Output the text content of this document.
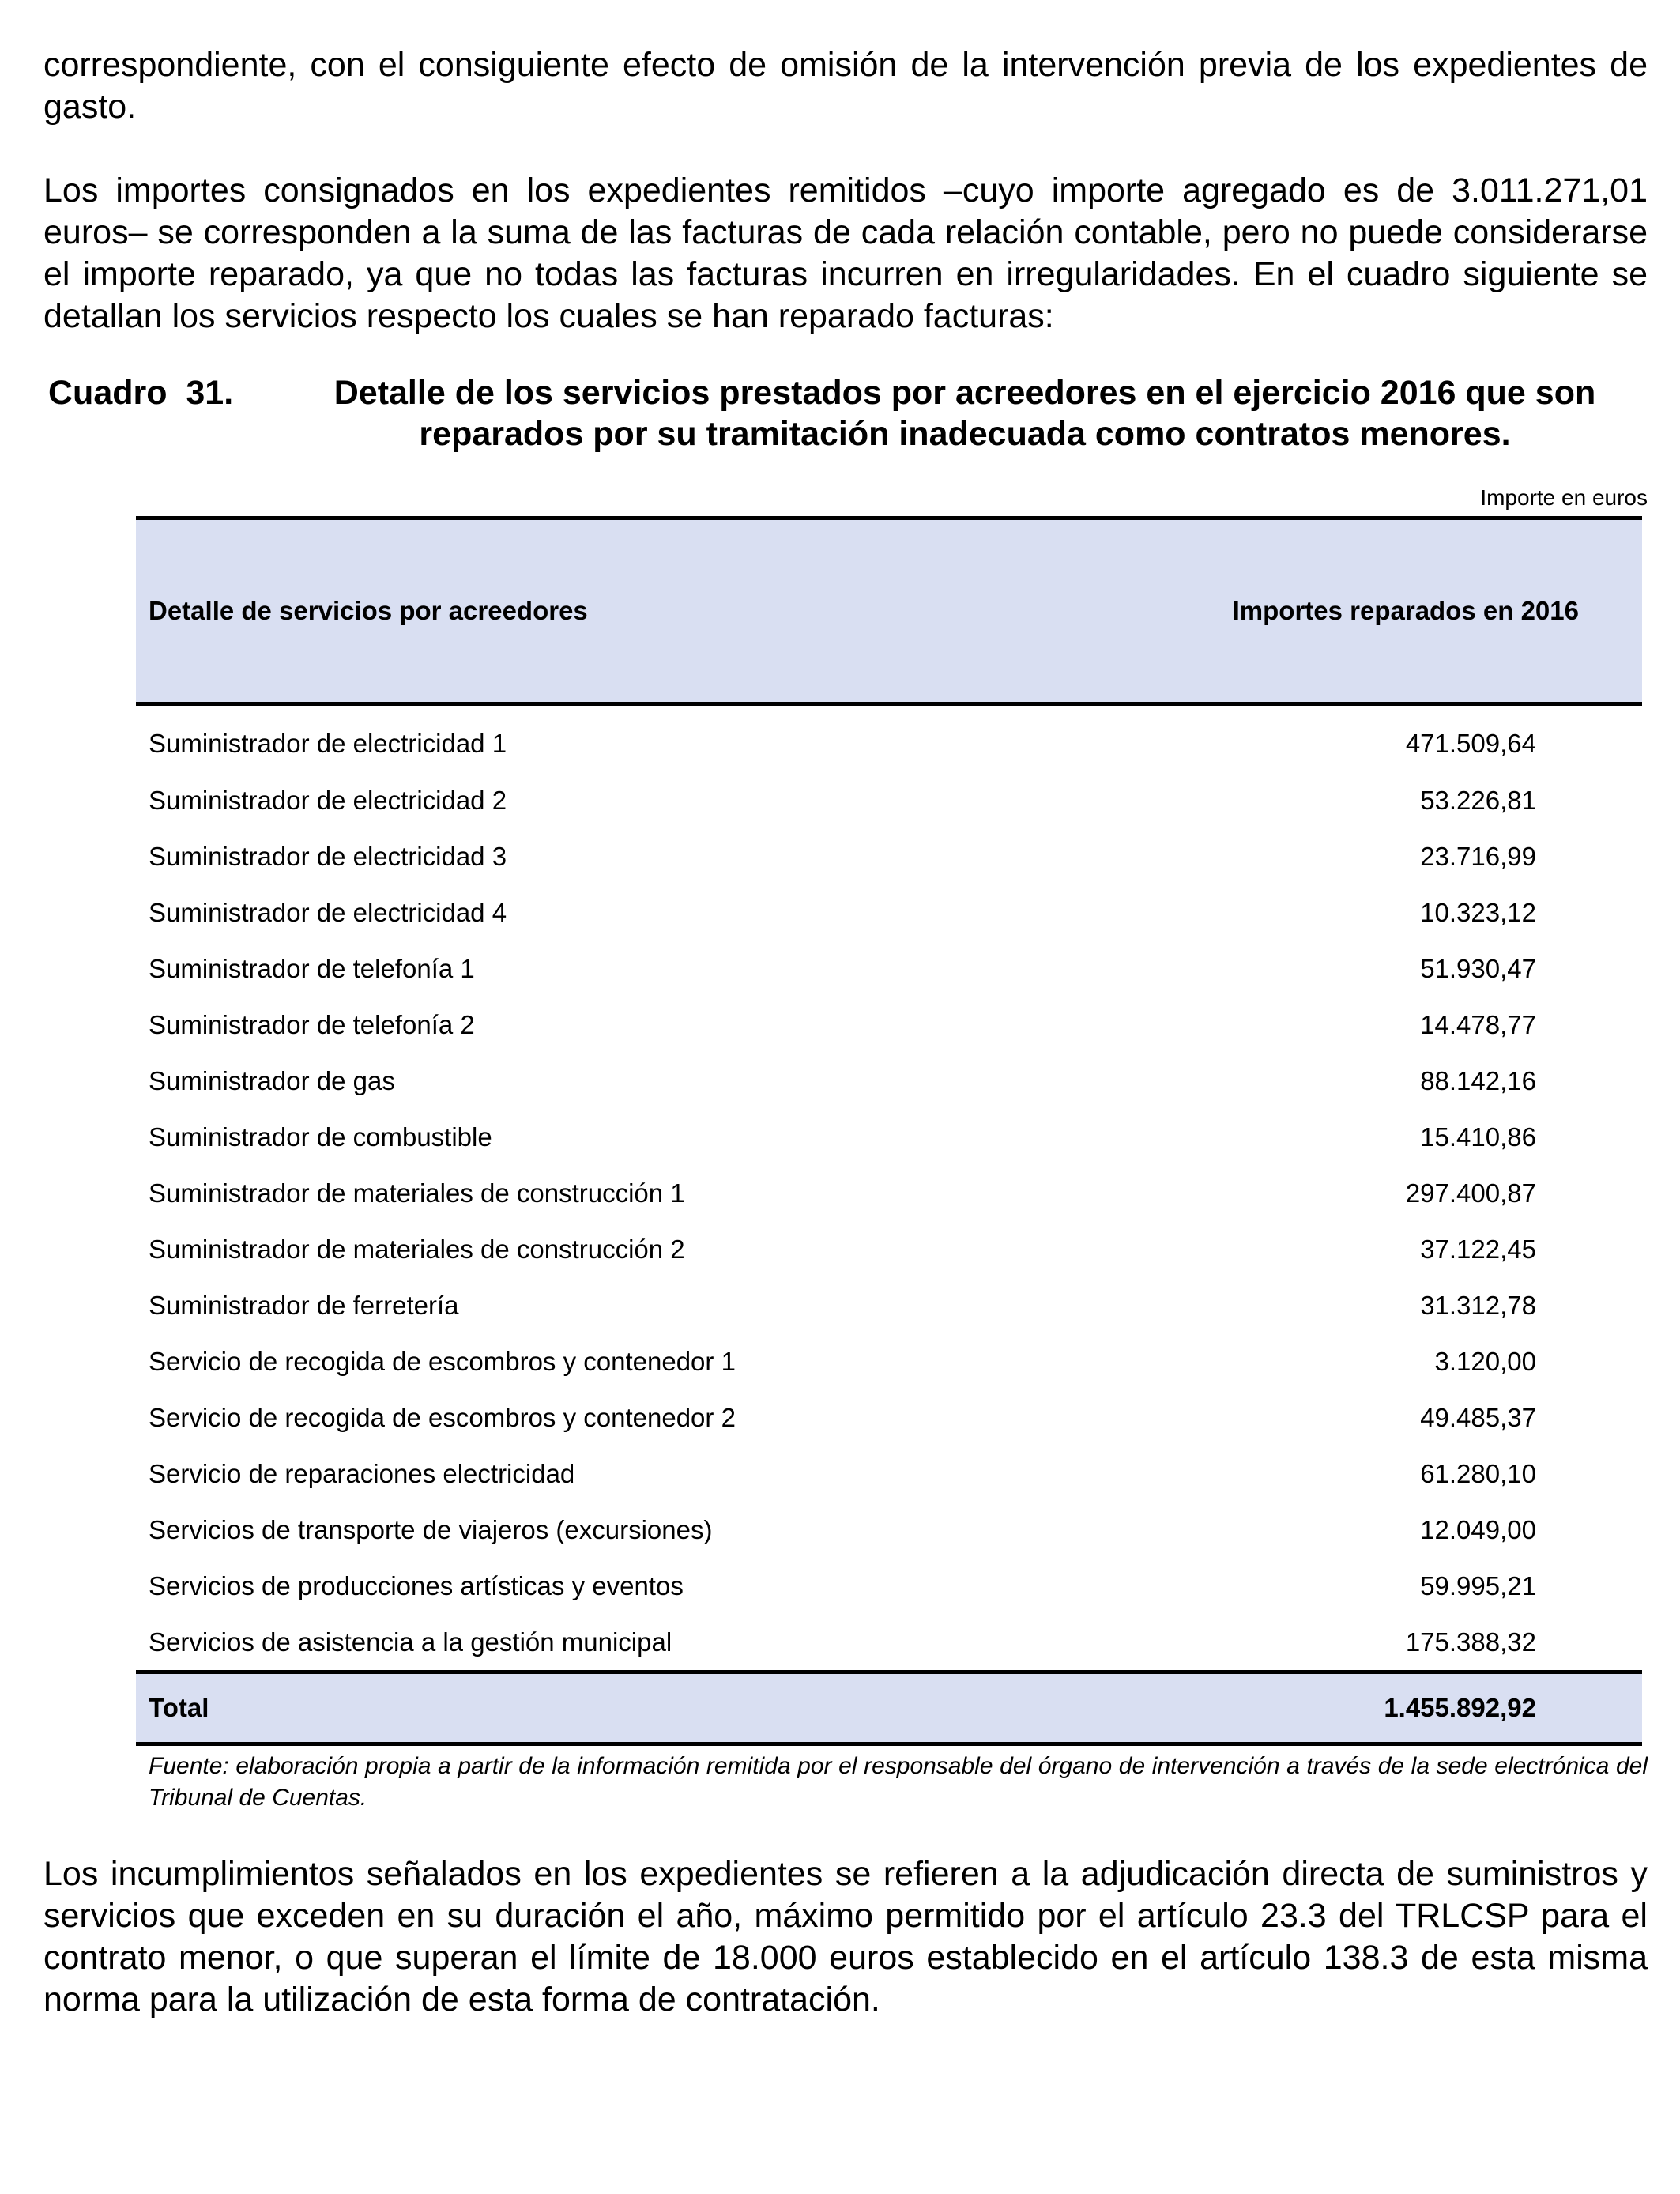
correspondiente, con el consiguiente efecto de omisión de la intervención previa de los expedientes de gasto.

Los importes consignados en los expedientes remitidos –cuyo importe agregado es de 3.011.271,01 euros– se corresponden a la suma de las facturas de cada relación contable, pero no puede considerarse el importe reparado, ya que no todas las facturas incurren en irregularidades. En el cuadro siguiente se detallan los servicios respecto los cuales se han reparado facturas:

Cuadro  31.	Detalle de los servicios prestados por acreedores en el ejercicio 2016 que son reparados por su tramitación inadecuada como contratos menores.
Importe en euros
Detalle de servicios por acreedores	Importes reparados en 2016
Suministrador de electricidad 1	471.509,64
Suministrador de electricidad 2	53.226,81
Suministrador de electricidad 3	23.716,99
Suministrador de electricidad 4	10.323,12
Suministrador de telefonía 1	51.930,47
Suministrador de telefonía 2	14.478,77
Suministrador de gas	88.142,16
Suministrador de combustible	15.410,86
Suministrador de materiales de construcción 1	297.400,87
Suministrador de materiales de construcción 2	37.122,45
Suministrador de ferretería	31.312,78
Servicio de recogida de escombros y contenedor 1	3.120,00
Servicio de recogida de escombros y contenedor 2	49.485,37
Servicio de reparaciones electricidad	61.280,10
Servicios de transporte de viajeros (excursiones)	12.049,00
Servicios de producciones artísticas y eventos	59.995,21
Servicios de asistencia a la gestión municipal	175.388,32
Total	1.455.892,92
Fuente: elaboración propia a partir de la información remitida por el responsable del órgano de intervención a través de la sede electrónica del Tribunal de Cuentas.

Los incumplimientos señalados en los expedientes se refieren a la adjudicación directa de suministros y servicios que exceden en su duración el año, máximo permitido por el artículo 23.3 del TRLCSP para el contrato menor, o que superan el límite de 18.000 euros establecido en el artículo 138.3 de esta misma norma para la utilización de esta forma de contratación.
